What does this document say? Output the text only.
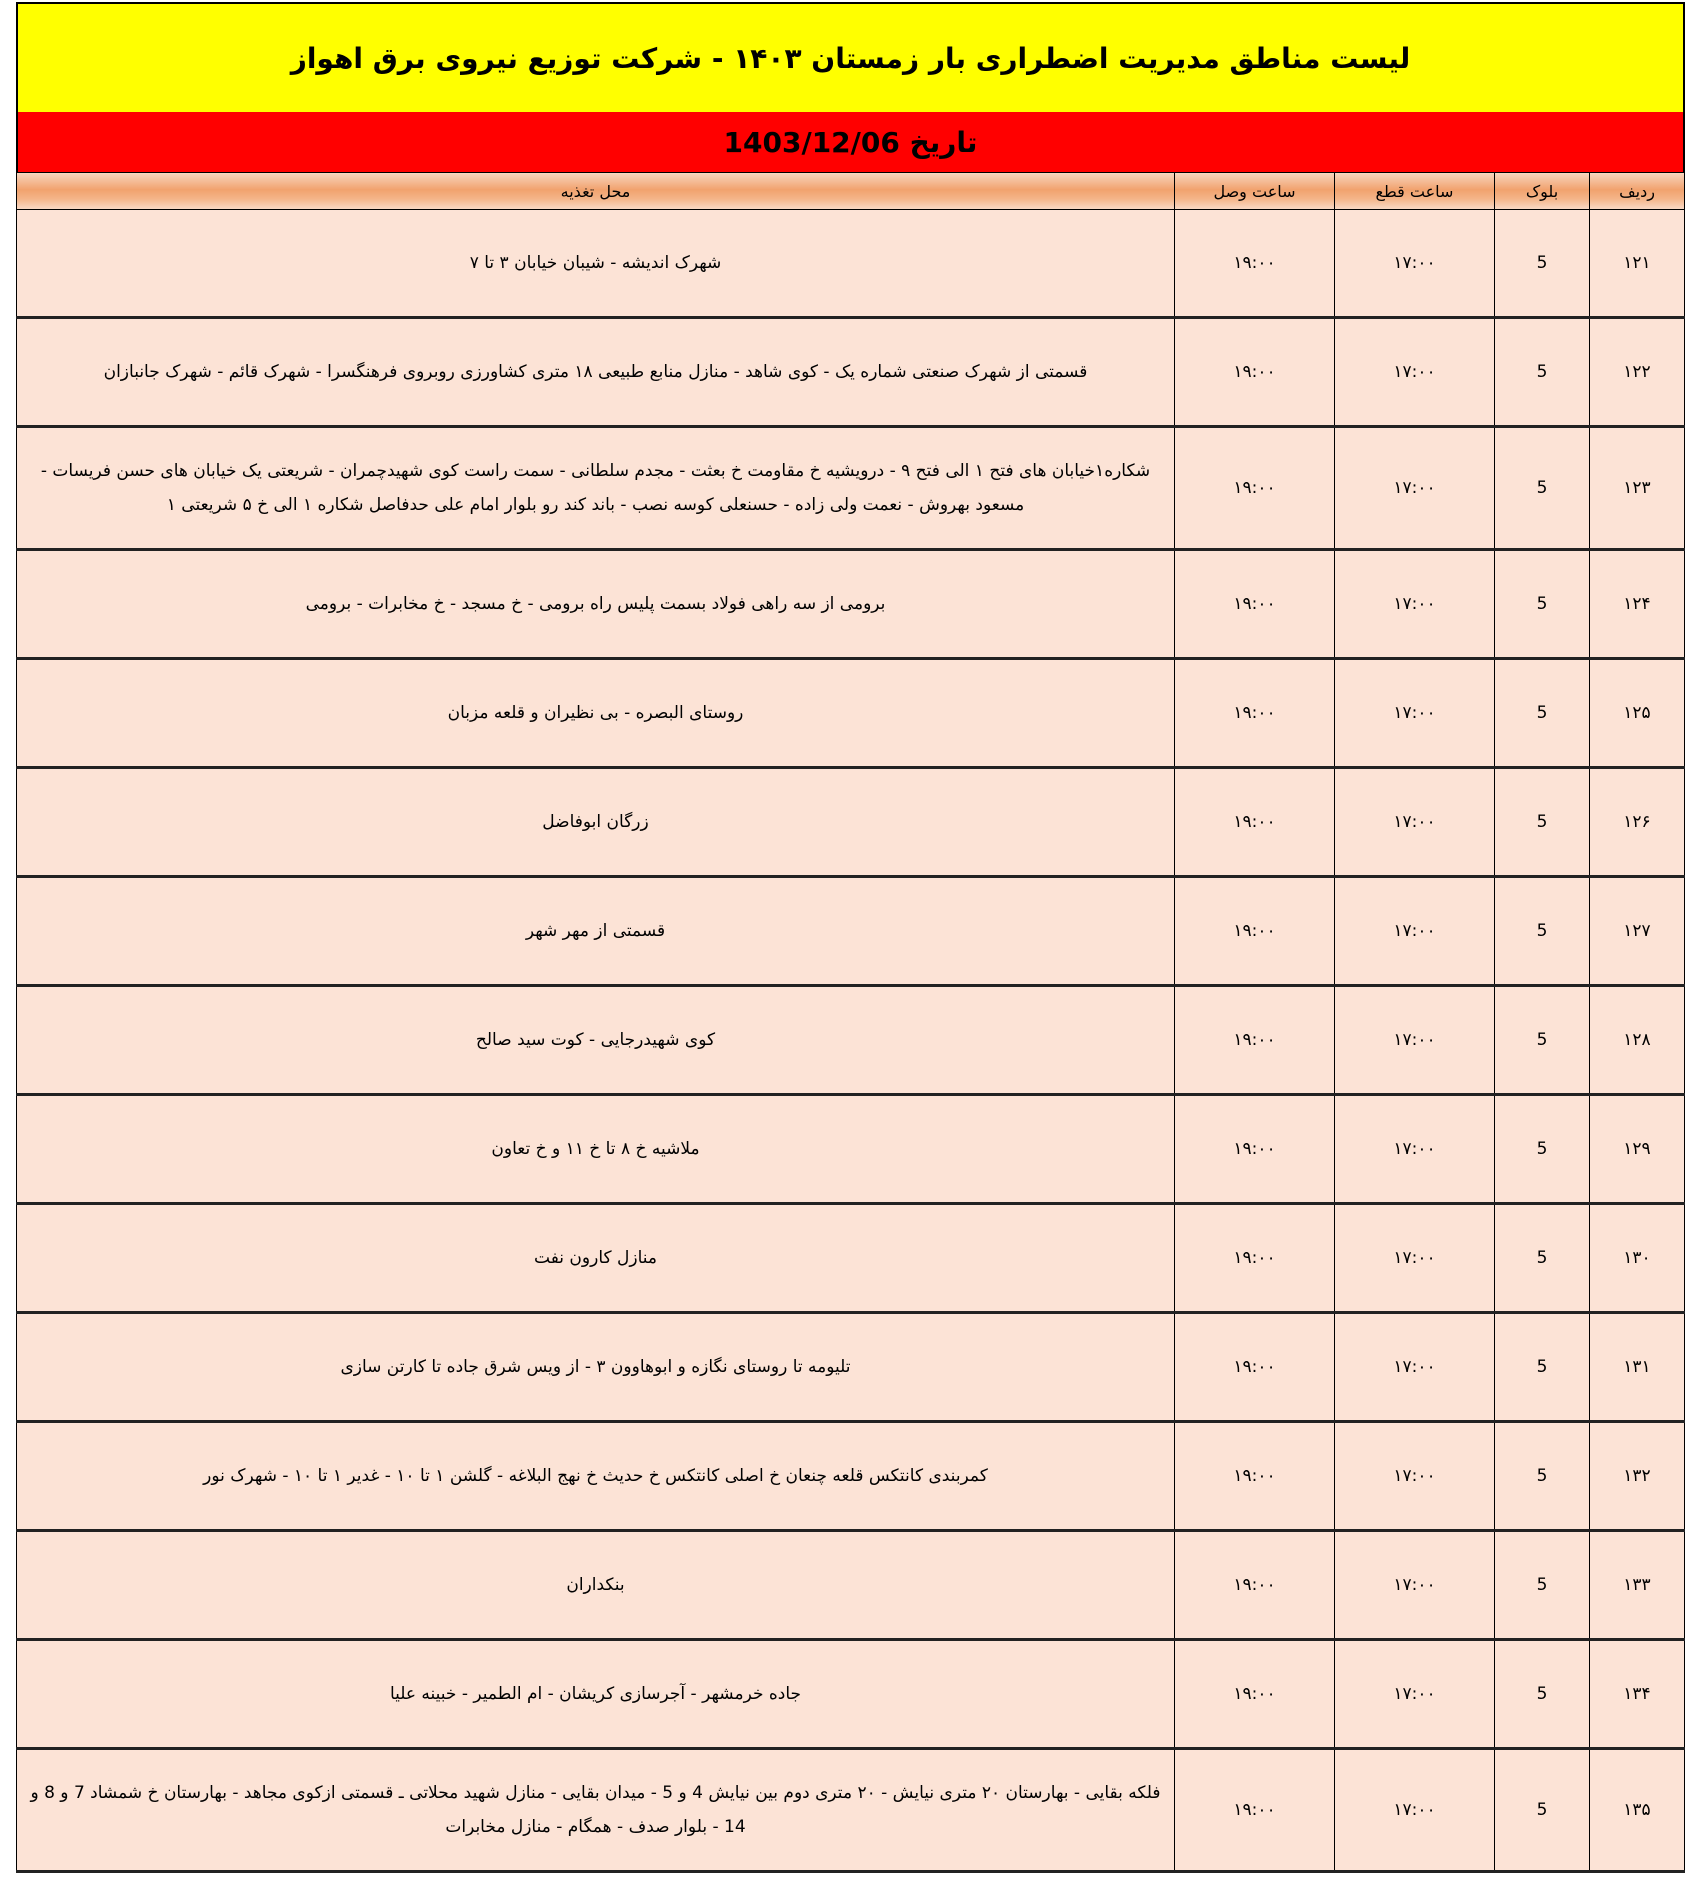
لیست مناطق مدیریت اضطراری بار زمستان ۱۴۰۳ - شرکت توزیع نیروی برق اهواز
تاریخ 1403/12/06
ردیف	بلوک	ساعت قطع	ساعت وصل	محل تغذیه
۱۲۱	5	۱۷:۰۰	۱۹:۰۰	شهرک اندیشه - شیبان خیابان ۳ تا ۷
۱۲۲	5	۱۷:۰۰	۱۹:۰۰	قسمتی از شهرک صنعتی شماره یک - کوی شاهد - منازل منابع طبیعی ۱۸ متری کشاورزی روبروی فرهنگسرا - شهرک قائم - شهرک جانبازان
۱۲۳	5	۱۷:۰۰	۱۹:۰۰	شکاره۱خیابان های فتح ۱ الی فتح ۹ - درویشیه خ مقاومت خ بعثت - مجدم سلطانی - سمت راست کوی شهیدچمران - شریعتی یک خیابان های حسن فریسات - مسعود بهروش - نعمت ولی زاده - حسنعلی کوسه نصب - باند کند رو بلوار امام علی حدفاصل شکاره ۱ الی خ ۵ شریعتی ۱
۱۲۴	5	۱۷:۰۰	۱۹:۰۰	برومی از سه راهی فولاد بسمت پلیس راه برومی - خ مسجد - خ مخابرات - برومی
۱۲۵	5	۱۷:۰۰	۱۹:۰۰	روستای البصره - بی نظیران و قلعه مزبان
۱۲۶	5	۱۷:۰۰	۱۹:۰۰	زرگان ابوفاضل
۱۲۷	5	۱۷:۰۰	۱۹:۰۰	قسمتی از مهر شهر
۱۲۸	5	۱۷:۰۰	۱۹:۰۰	کوی شهیدرجایی - کوت سید صالح
۱۲۹	5	۱۷:۰۰	۱۹:۰۰	ملاشیه خ ۸ تا خ ۱۱ و خ تعاون
۱۳۰	5	۱۷:۰۰	۱۹:۰۰	منازل کارون نفت
۱۳۱	5	۱۷:۰۰	۱۹:۰۰	تلیومه تا روستای نگازه و ابوهاوون ۳ - از ویس شرق جاده تا کارتن سازی
۱۳۲	5	۱۷:۰۰	۱۹:۰۰	کمربندی کانتکس قلعه چنعان خ اصلی کانتکس خ حدیث خ نهج البلاغه - گلشن ۱ تا ۱۰ - غدیر ۱ تا ۱۰ - شهرک نور
۱۳۳	5	۱۷:۰۰	۱۹:۰۰	بنکداران
۱۳۴	5	۱۷:۰۰	۱۹:۰۰	جاده خرمشهر - آجرسازی کریشان - ام الطمیر - خبینه علیا
۱۳۵	5	۱۷:۰۰	۱۹:۰۰	فلکه بقایی - بهارستان ۲۰ متری نیایش - ۲۰ متری دوم بین نیایش 4 و 5 - میدان بقایی - منازل شهید محلاتی ـ قسمتی ازکوی مجاهد - بهارستان خ شمشاد 7 و 8 و 14 - بلوار صدف - همگام - منازل مخابرات
